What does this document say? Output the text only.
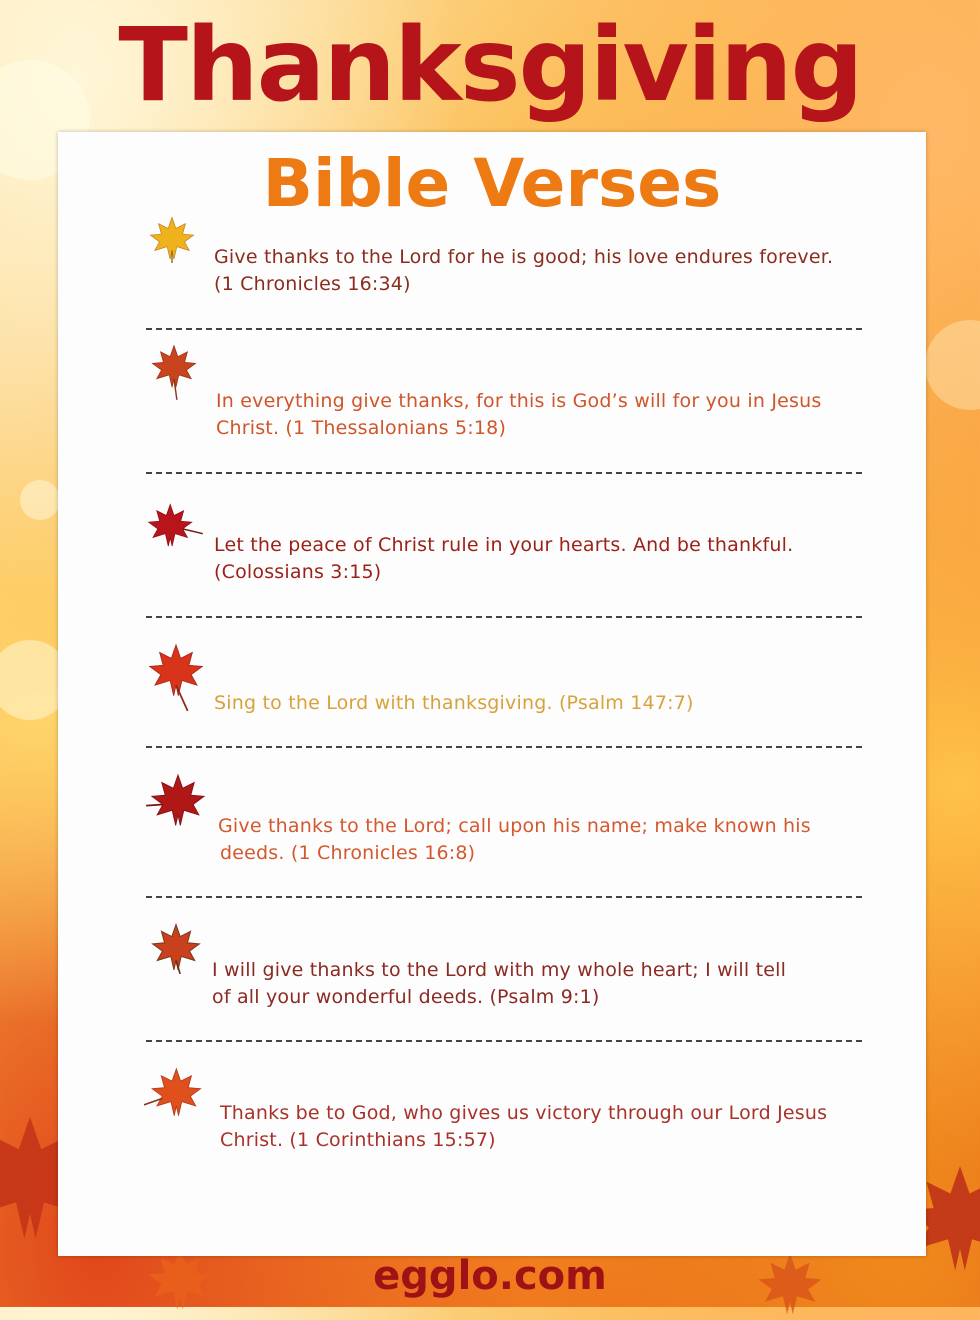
Thanksgiving
Bible Verses
Give thanks to the Lord for he is good; his love endures forever.
(1 Chronicles 16:34)
In everything give thanks, for this is God’s will for you in Jesus
Christ. (1 Thessalonians 5:18)
Let the peace of Christ rule in your hearts. And be thankful.
(Colossians 3:15)
Sing to the Lord with thanksgiving. (Psalm 147:7)
Give thanks to the Lord; call upon his name; make known his
deeds. (1 Chronicles 16:8)
I will give thanks to the Lord with my whole heart; I will tell
of all your wonderful deeds. (Psalm 9:1)
Thanks be to God, who gives us victory through our Lord Jesus
Christ. (1 Corinthians 15:57)
egglo.com
